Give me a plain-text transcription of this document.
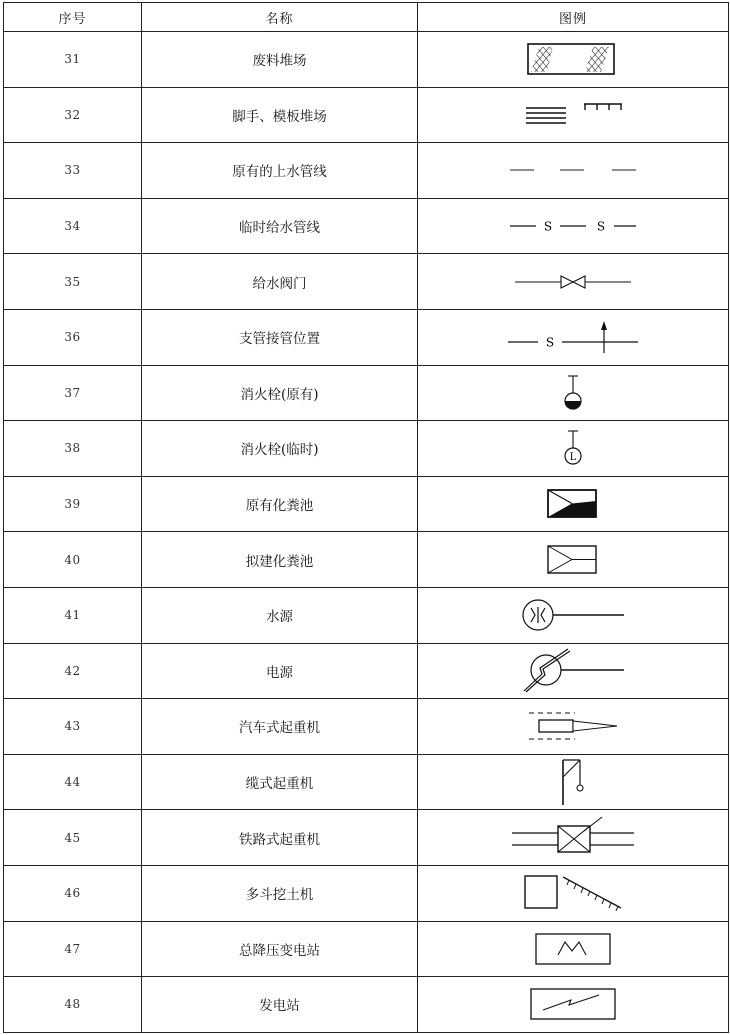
序号	名称	图例
31	废料堆场	

32	脚手、模板堆场	

33	原有的上水管线	

34	临时给水管线	S S

35	给水阀门	

36	支管接管位置	S

37	消火栓(原有)	

38	消火栓(临时)	L

39	原有化粪池	

40	拟建化粪池	

41	水源	

42	电源	

43	汽车式起重机	

44	缆式起重机	

45	铁路式起重机	

46	多斗挖土机	

47	总降压变电站	

48	发电站	
